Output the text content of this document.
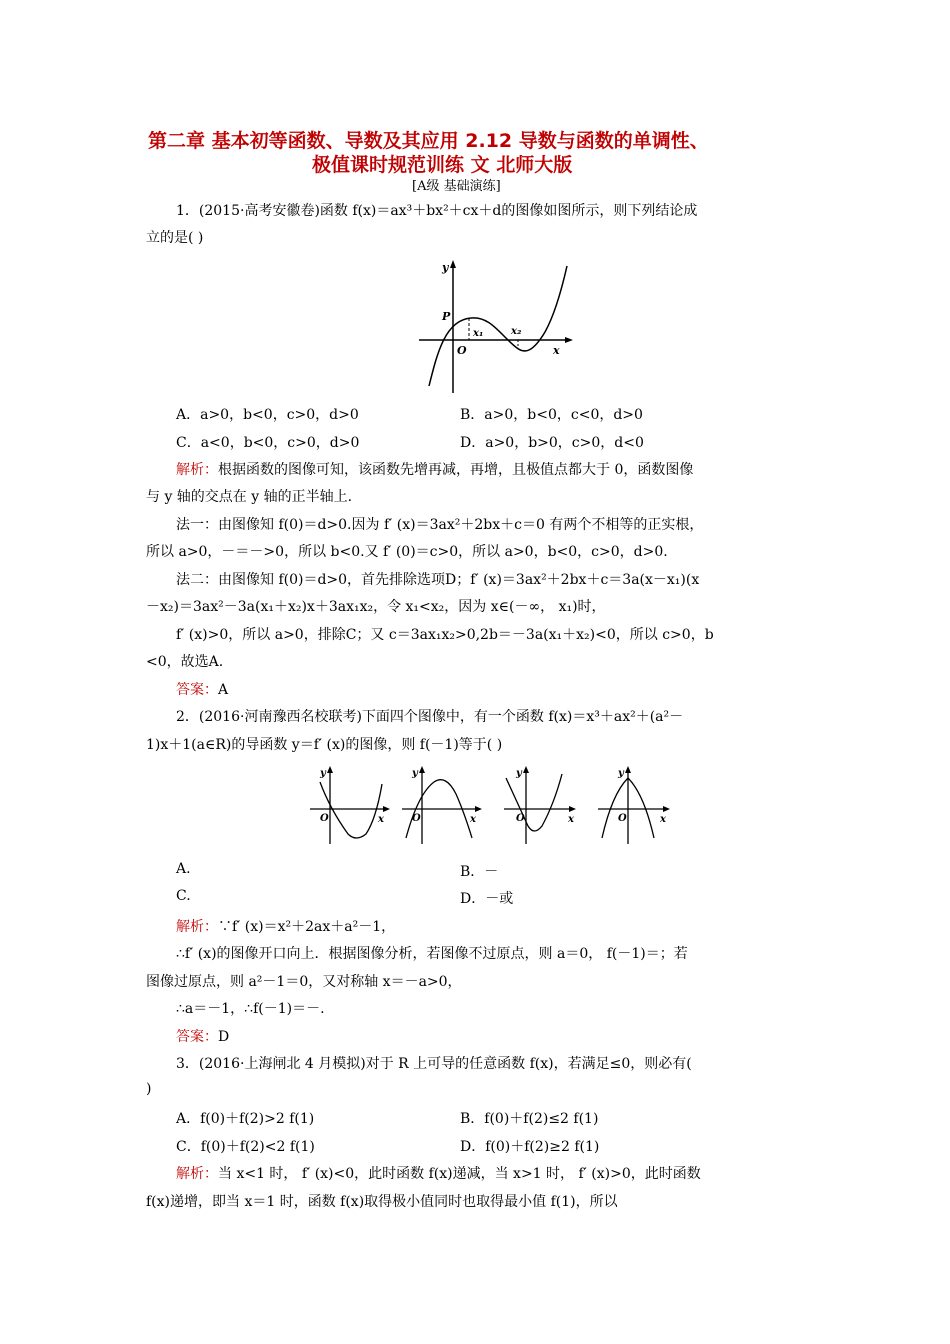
第二章 基本初等函数、导数及其应用 2.12 导数与函数的单调性、
极值课时规范训练 文 北师大版
[A级 基础演练]
1．(2015·高考安徽卷)函数 f(x)＝ax³＋bx²＋cx＋d的图像如图所示，则下列结论成
立的是( )
y
P
O
x₁	x₂
x
A．a>0，b<0，c>0，d>0	B．a>0，b<0，c<0，d>0
C．a<0，b<0，c>0，d>0	D．a>0，b>0，c>0，d<0
解析：根据函数的图像可知，该函数先增再减，再增，且极值点都大于 0，函数图像
与 y 轴的交点在 y 轴的正半轴上.
法一：由图像知 f(0)＝d>0.因为 f′ (x)＝3ax²＋2bx＋c＝0 有两个不相等的正实根，
所以 a>0，－＝－>0，所以 b<0.又 f′ (0)＝c>0，所以 a>0，b<0，c>0，d>0.
法二：由图像知 f(0)＝d>0，首先排除选项D；f′ (x)＝3ax²＋2bx＋c＝3a(x－x₁)(x
－x₂)＝3ax²－3a(x₁＋x₂)x＋3ax₁x₂，令 x₁<x₂，因为 x∈(－∞， x₁)时，
f′ (x)>0，所以 a>0，排除C；又 c＝3ax₁x₂>0,2b＝－3a(x₁＋x₂)<0，所以 c>0，b
<0，故选A.
答案：A
2．(2016·河南豫西名校联考)下面四个图像中，有一个函数 f(x)＝x³＋ax²＋(a²－
1)x＋1(a∈R)的导函数 y＝f′ (x)的图像，则 f(－1)等于( )
y
O	x
y
O	x
y
O	x
y
O	x
A.	B．－
C.	D．－或
解析：∵f′ (x)＝x²＋2ax＋a²－1，
∴f′ (x)的图像开口向上．根据图像分析，若图像不过原点，则 a＝0， f(－1)＝；若
图像过原点，则 a²－1＝0，又对称轴 x＝－a>0，
∴a＝－1，∴f(－1)＝－.
答案：D
3．(2016·上海闸北 4 月模拟)对于 R 上可导的任意函数 f(x)，若满足≤0，则必有(
)
A．f(0)＋f(2)>2 f(1)	B．f(0)＋f(2)≤2 f(1)
C．f(0)＋f(2)<2 f(1)	D．f(0)＋f(2)≥2 f(1)
解析：当 x<1 时， f′ (x)<0，此时函数 f(x)递减，当 x>1 时， f′ (x)>0，此时函数
f(x)递增，即当 x＝1 时，函数 f(x)取得极小值同时也取得最小值 f(1)，所以
